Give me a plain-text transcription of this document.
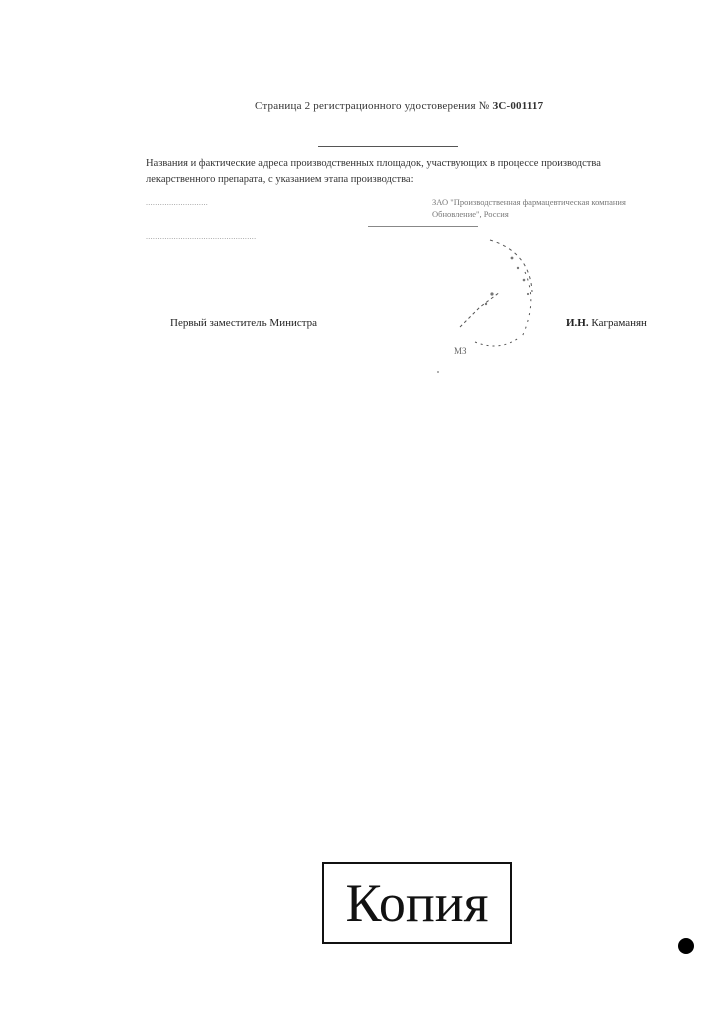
Страница 2 регистрационного удостоверения № ЗС-001117
Названия и фактические адреса производственных площадок, участвующих в процессе производства лекарственного препарата, с указанием этапа производства:
...........................	ЗАО "Производственная фармацевтическая компания Обновление", Россия
................................................
МЗ
Первый заместитель Министра	И.Н. Каграманян
Копия
